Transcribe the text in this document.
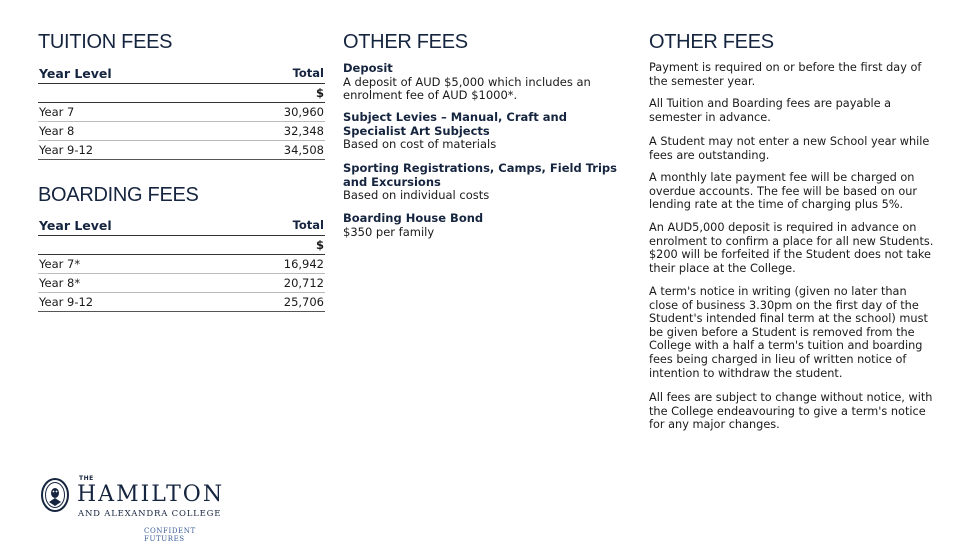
TUITION FEES
Year Level	Total
	$
Year 7	30,960
Year 8	32,348
Year 9-12	34,508
BOARDING FEES
Year Level	Total
	$
Year 7*	16,942
Year 8*	20,712
Year 9-12	25,706
OTHER FEES
Deposit
A deposit of AUD $5,000 which includes an enrolment fee of AUD $1000*.
Subject Levies – Manual, Craft and Specialist Art Subjects
Based on cost of materials
Sporting Registrations, Camps, Field Trips and Excursions
Based on individual costs
Boarding House Bond
$350 per family
OTHER FEES

Payment is required on or before the first day of the semester year.

All Tuition and Boarding fees are payable a semester in advance.

A Student may not enter a new School year while fees are outstanding.

A monthly late payment fee will be charged on overdue accounts. The fee will be based on our lending rate at the time of charging plus 5%.

An AUD5,000 deposit is required in advance on enrolment to confirm a place for all new Students. $200 will be forfeited if the Student does not take their place at the College.

A term's notice in writing (given no later than close of business 3.30pm on the first day of the Student's intended final term at the school) must be given before a Student is removed from the College with a half a term's tuition and boarding fees being charged in lieu of written notice of intention to withdraw the student.

All fees are subject to change without notice, with the College endeavouring to give a term's notice for any major changes.

THE
HAMILTON
AND ALEXANDRA COLLEGE
CONFIDENT FUTURES
